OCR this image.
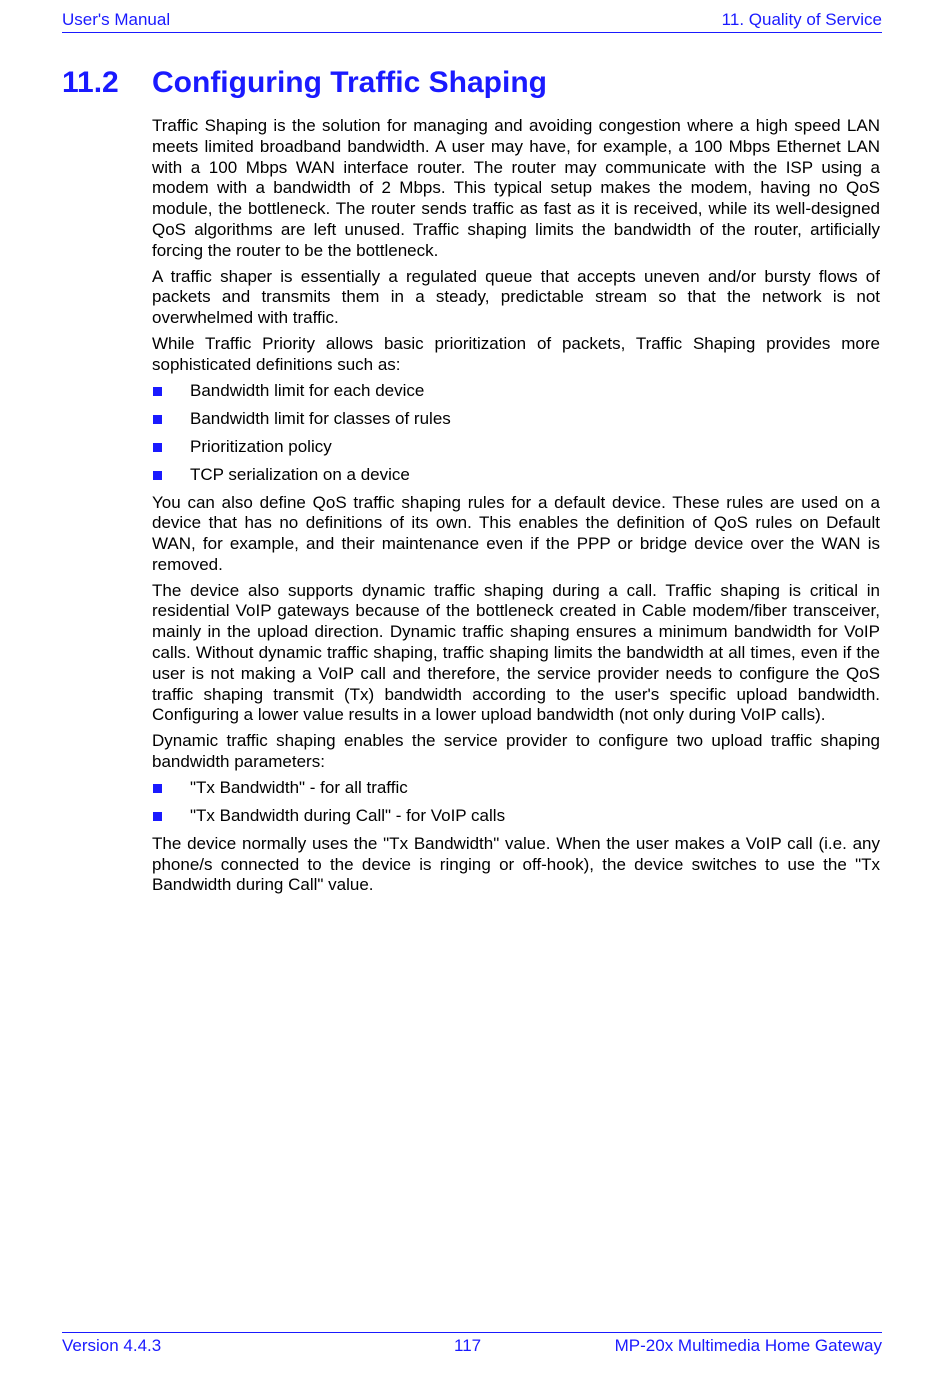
User's Manual	11. Quality of Service
11.2 Configuring Traffic Shaping

Traffic Shaping is the solution for managing and avoiding congestion where a high speed LAN meets limited broadband bandwidth. A user may have, for example, a 100 Mbps Ethernet LAN with a 100 Mbps WAN interface router. The router may communicate with the ISP using a modem with a bandwidth of 2 Mbps. This typical setup makes the modem, having no QoS module, the bottleneck. The router sends traffic as fast as it is received, while its well-designed QoS algorithms are left unused. Traffic shaping limits the bandwidth of the router, artificially forcing the router to be the bottleneck.

A traffic shaper is essentially a regulated queue that accepts uneven and/or bursty flows of packets and transmits them in a steady, predictable stream so that the network is not overwhelmed with traffic.

While Traffic Priority allows basic prioritization of packets, Traffic Shaping provides more sophisticated definitions such as:

Bandwidth limit for each device
Bandwidth limit for classes of rules
Prioritization policy
TCP serialization on a device

You can also define QoS traffic shaping rules for a default device. These rules are used on a device that has no definitions of its own. This enables the definition of QoS rules on Default WAN, for example, and their maintenance even if the PPP or bridge device over the WAN is removed.

The device also supports dynamic traffic shaping during a call. Traffic shaping is critical in residential VoIP gateways because of the bottleneck created in Cable modem/fiber transceiver, mainly in the upload direction. Dynamic traffic shaping ensures a minimum bandwidth for VoIP calls. Without dynamic traffic shaping, traffic shaping limits the bandwidth at all times, even if the user is not making a VoIP call and therefore, the service provider needs to configure the QoS traffic shaping transmit (Tx) bandwidth according to the user's specific upload bandwidth. Configuring a lower value results in a lower upload bandwidth (not only during VoIP calls).

Dynamic traffic shaping enables the service provider to configure two upload traffic shaping bandwidth parameters:

"Tx Bandwidth" - for all traffic
"Tx Bandwidth during Call" - for VoIP calls

The device normally uses the "Tx Bandwidth" value. When the user makes a VoIP call (i.e. any phone/s connected to the device is ringing or off-hook), the device switches to use the "Tx Bandwidth during Call" value.

Version 4.4.3	117	MP-20x Multimedia Home Gateway
